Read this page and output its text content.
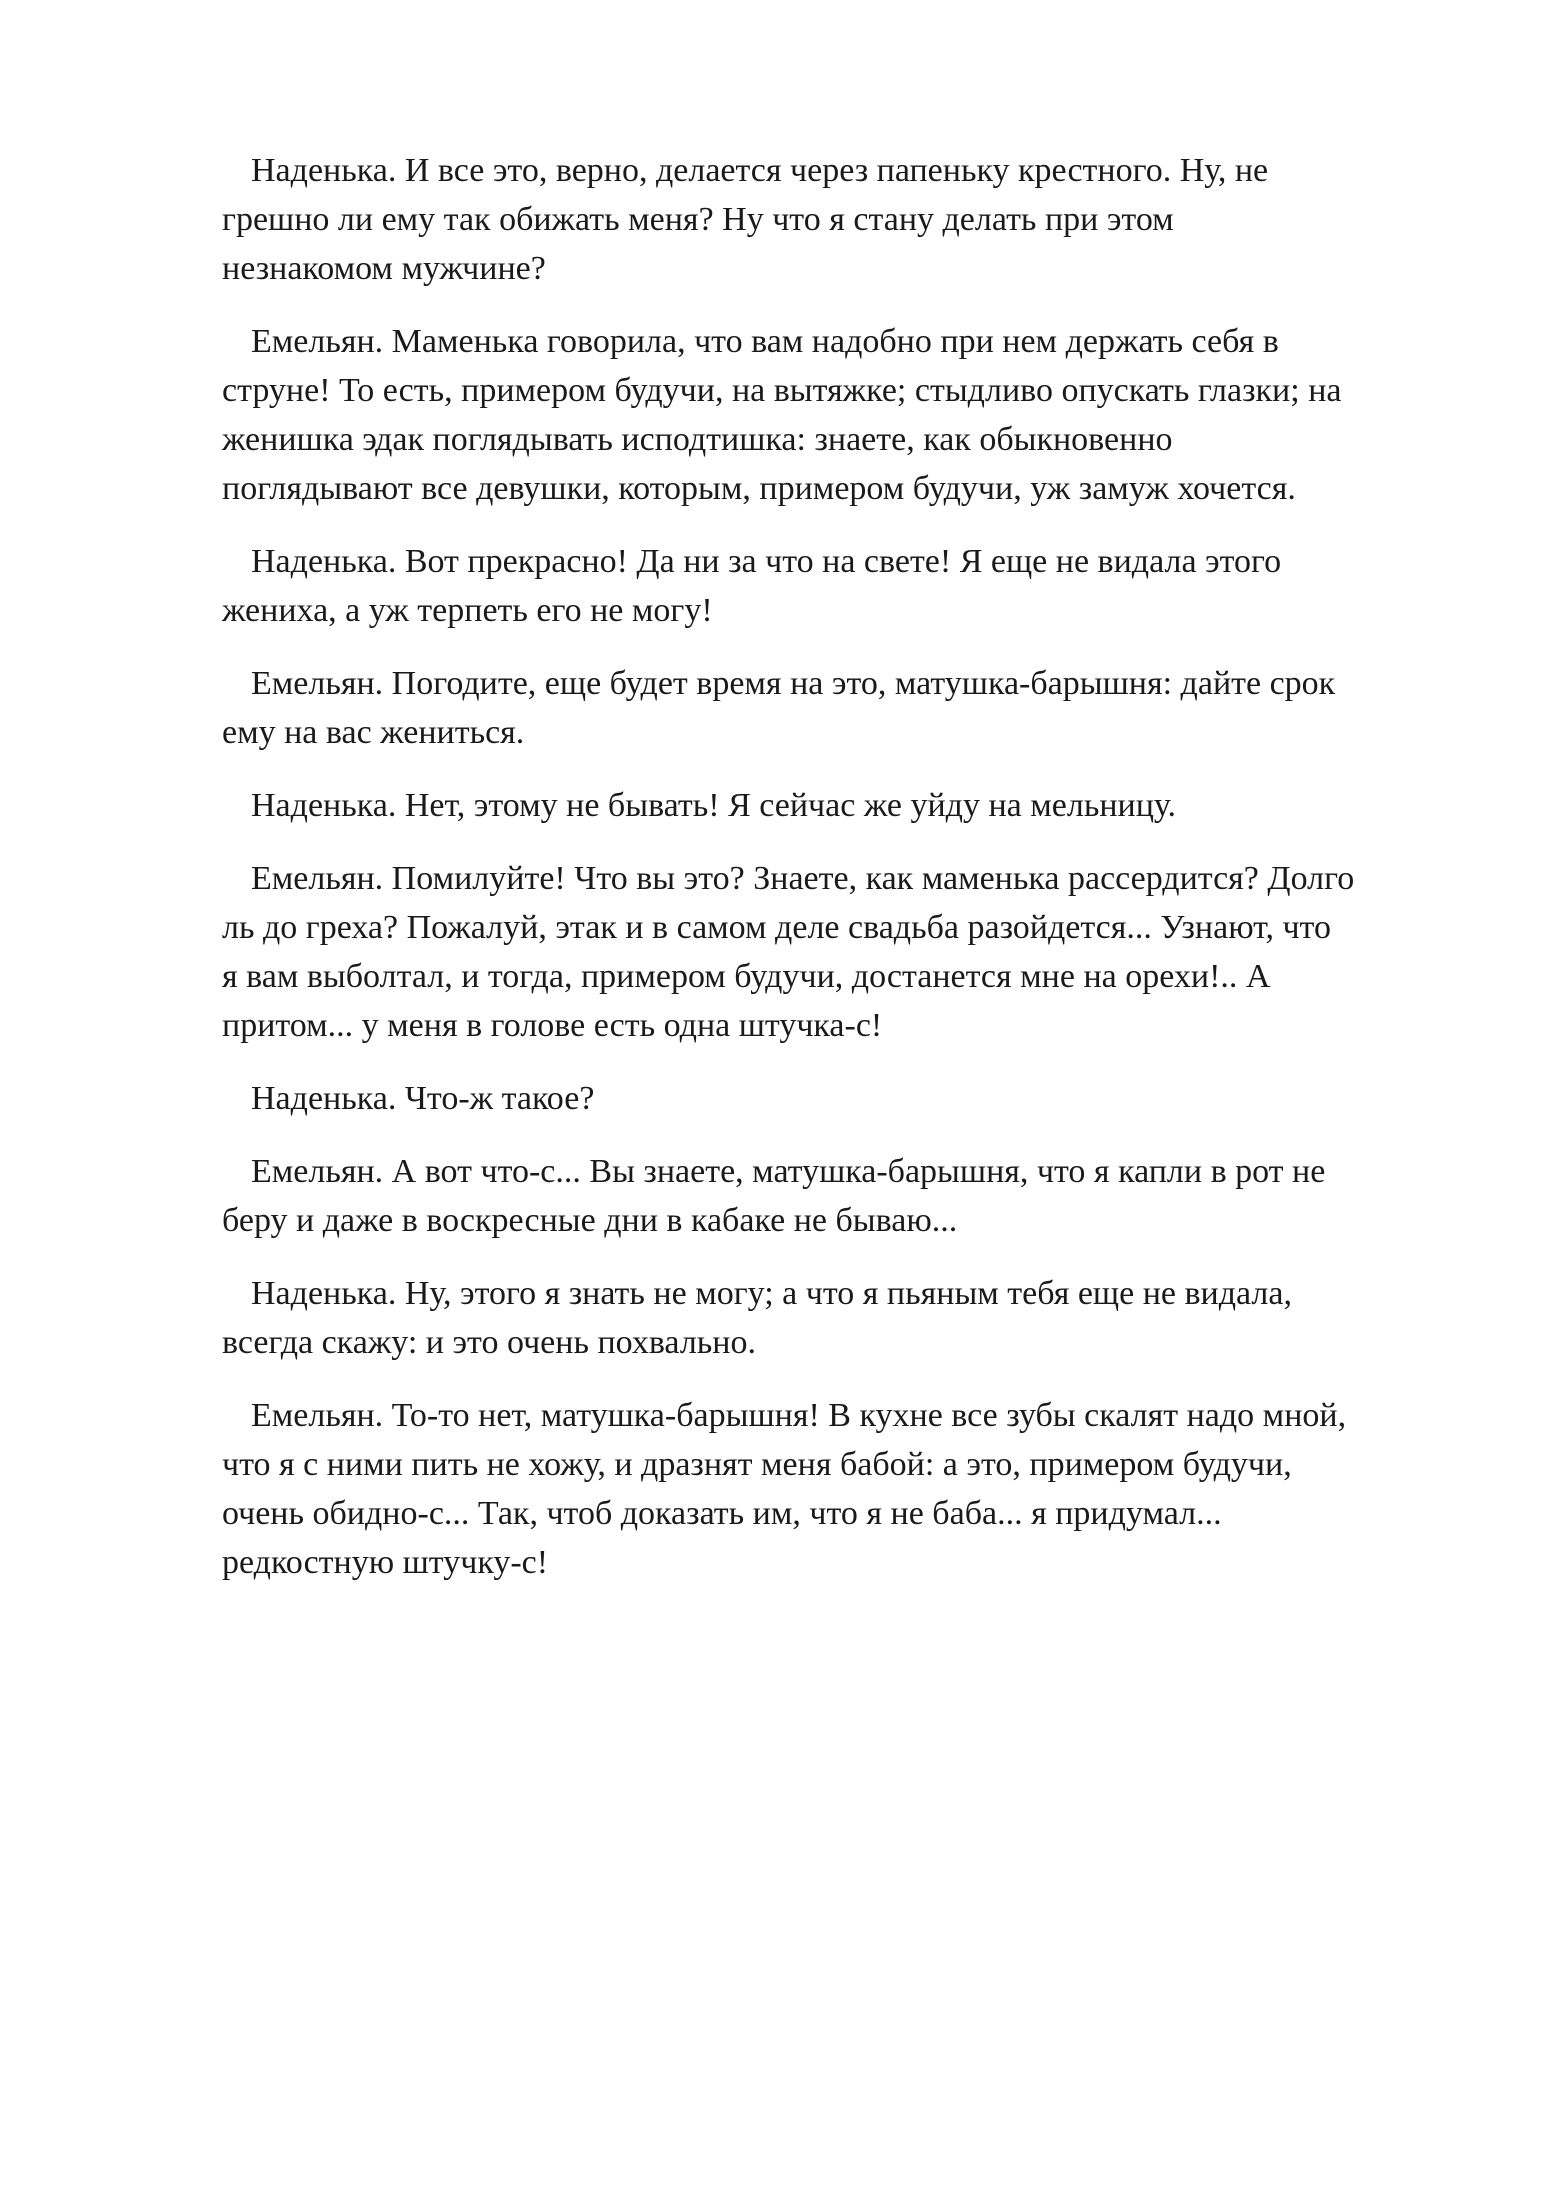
Наденька. И все это, верно, делается через папеньку крестного. Ну, не
грешно ли ему так обижать меня? Ну что я стану делать при этом
незнакомом мужчине?
Емельян. Маменька говорила, что вам надобно при нем держать себя в
струне! То есть, примером будучи, на вытяжке; стыдливо опускать глазки; на
женишка эдак поглядывать исподтишка: знаете, как обыкновенно
поглядывают все девушки, которым, примером будучи, уж замуж хочется.
Наденька. Вот прекрасно! Да ни за что на свете! Я еще не видала этого
жениха, а уж терпеть его не могу!
Емельян. Погодите, еще будет время на это, матушка-барышня: дайте срок
ему на вас жениться.
Наденька. Нет, этому не бывать! Я сейчас же уйду на мельницу.
Емельян. Помилуйте! Что вы это? Знаете, как маменька рассердится? Долго
ль до греха? Пожалуй, этак и в самом деле свадьба разойдется... Узнают, что
я вам выболтал, и тогда, примером будучи, достанется мне на орехи!.. А
притом... у меня в голове есть одна штучка-с!
Наденька. Что-ж такое?
Емельян. А вот что-с... Вы знаете, матушка-барышня, что я капли в рот не
беру и даже в воскресные дни в кабаке не бываю...
Наденька. Ну, этого я знать не могу; а что я пьяным тебя еще не видала,
всегда скажу: и это очень похвально.
Емельян. То-то нет, матушка-барышня! В кухне все зубы скалят надо мной,
что я с ними пить не хожу, и дразнят меня бабой: а это, примером будучи,
очень обидно-с... Так, чтоб доказать им, что я не баба... я придумал...
редкостную штучку-с!
